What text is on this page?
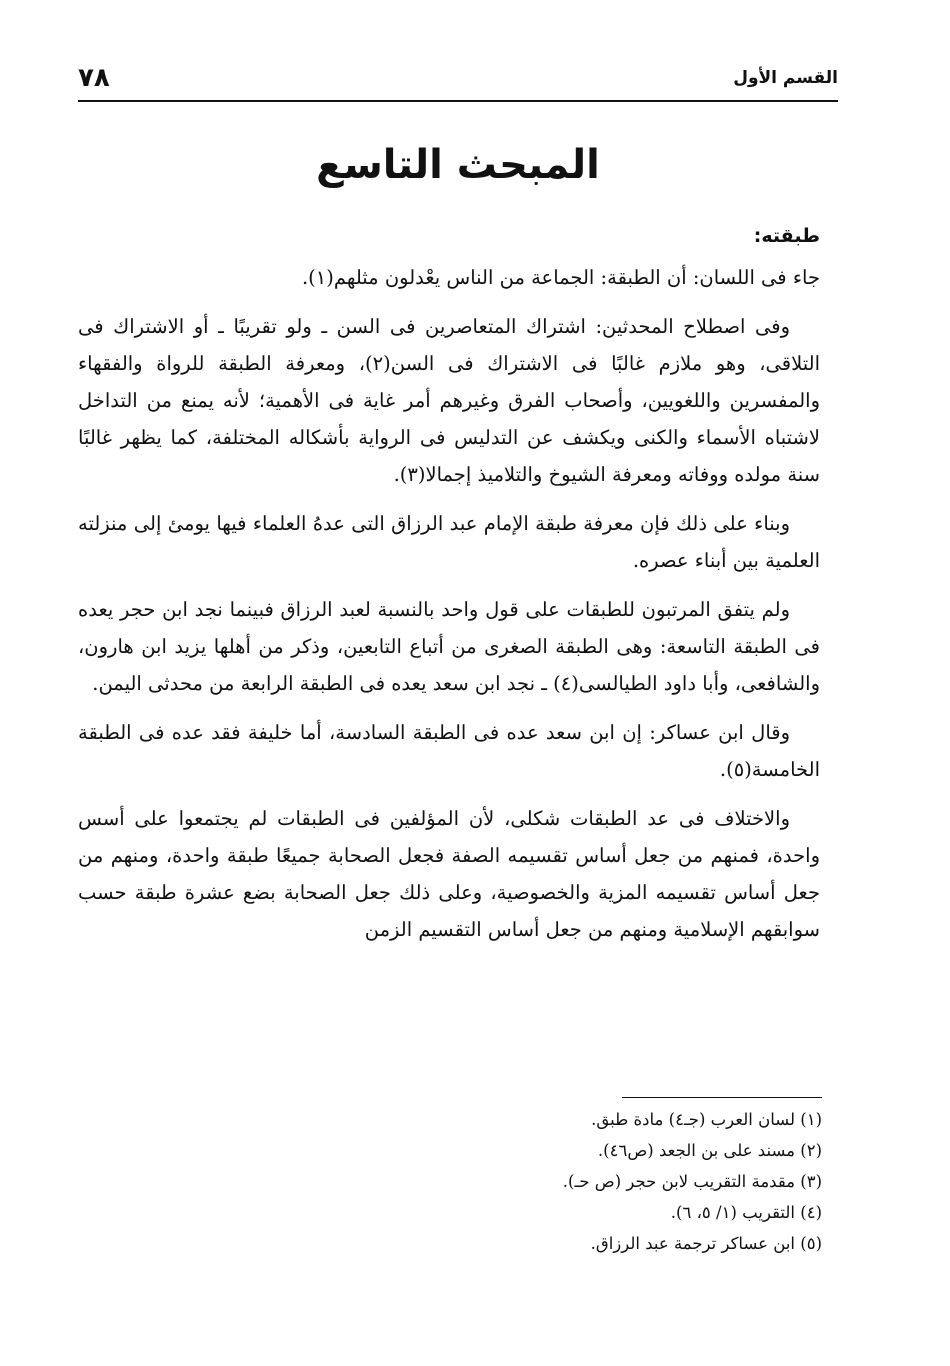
القسم الأول
٧٨
المبحث التاسع
طبقته:

جاء فى اللسان: أن الطبقة: الجماعة من الناس يعْدلون مثلهم(١).

وفى اصطلاح المحدثين: اشتراك المتعاصرين فى السن ـ ولو تقريبًا ـ أو الاشتراك فى التلاقى، وهو ملازم غالبًا فى الاشتراك فى السن(٢)، ومعرفة الطبقة للرواة والفقهاء والمفسرين واللغويين، وأصحاب الفرق وغيرهم أمر غاية فى الأهمية؛ لأنه يمنع من التداخل لاشتباه الأسماء والكنى ويكشف عن التدليس فى الرواية بأشكاله المختلفة، كما يظهر غالبًا سنة مولده ووفاته ومعرفة الشيوخ والتلاميذ إجمالا(٣).

وبناء على ذلك فإن معرفة طبقة الإمام عبد الرزاق التى عدهُ العلماء فيها يومئ إلى منزلته العلمية بين أبناء عصره.

ولم يتفق المرتبون للطبقات على قول واحد بالنسبة لعبد الرزاق فبينما نجد ابن حجر يعده فى الطبقة التاسعة: وهى الطبقة الصغرى من أتباع التابعين، وذكر من أهلها يزيد ابن هارون، والشافعى، وأبا داود الطيالسى(٤) ـ نجد ابن سعد يعده فى الطبقة الرابعة من محدثى اليمن.

وقال ابن عساكر: إن ابن سعد عده فى الطبقة السادسة، أما خليفة فقد عده فى الطبقة الخامسة(٥).

والاختلاف فى عد الطبقات شكلى، لأن المؤلفين فى الطبقات لم يجتمعوا على أسس واحدة، فمنهم من جعل أساس تقسيمه الصفة فجعل الصحابة جميعًا طبقة واحدة، ومنهم من جعل أساس تقسيمه المزية والخصوصية، وعلى ذلك جعل الصحابة بضع عشرة طبقة حسب سوابقهم الإسلامية ومنهم من جعل أساس التقسيم الزمن

(١) لسان العرب (جـ٤) مادة طبق.
(٢) مسند على بن الجعد (ص٤٦).
(٣) مقدمة التقريب لابن حجر (ص حـ).
(٤) التقريب (١/ ٥، ٦).
(٥) ابن عساكر ترجمة عبد الرزاق.
